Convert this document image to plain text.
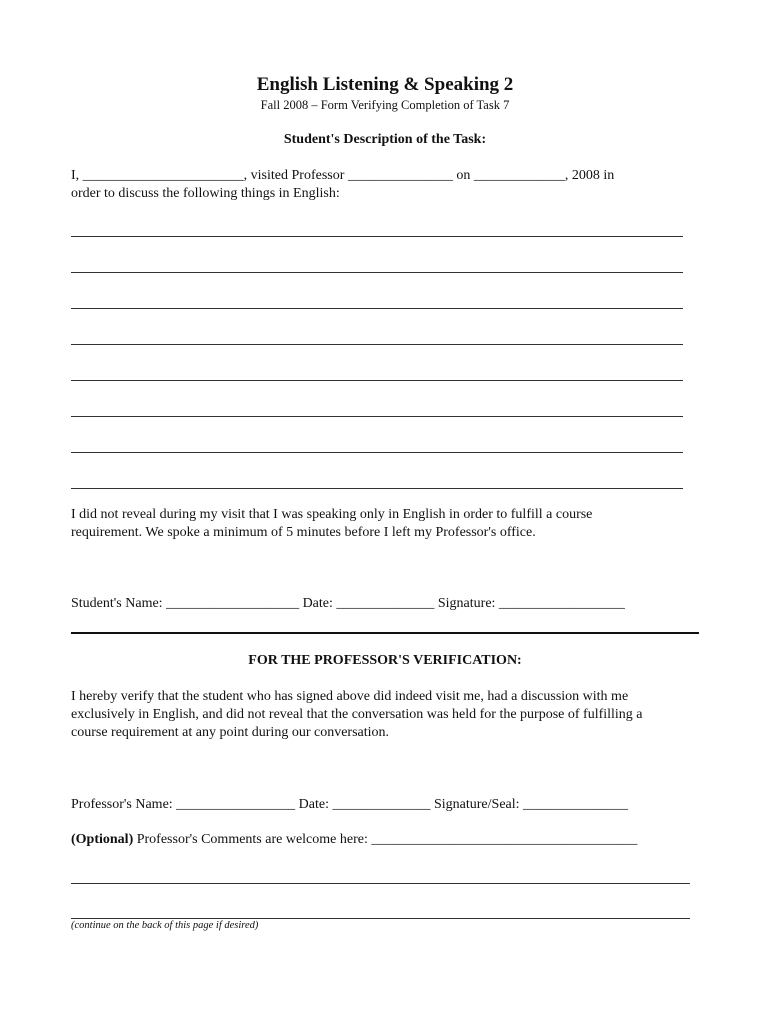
English Listening & Speaking 2
Fall 2008 – Form Verifying Completion of Task 7
Student's Description of the Task:
I, _______________________, visited Professor _______________ on _____________, 2008 in
order to discuss the following things in English:
I did not reveal during my visit that I was speaking only in English in order to fulfill a course
requirement. We spoke a minimum of 5 minutes before I left my Professor's office.
Student's Name: ___________________ Date: ______________ Signature: __________________
FOR THE PROFESSOR'S VERIFICATION:
I hereby verify that the student who has signed above did indeed visit me, had a discussion with me
exclusively in English, and did not reveal that the conversation was held for the purpose of fulfilling a
course requirement at any point during our conversation.
Professor's Name: _________________ Date: ______________ Signature/Seal: _______________
(Optional) Professor's Comments are welcome here: ______________________________________
(continue on the back of this page if desired)
